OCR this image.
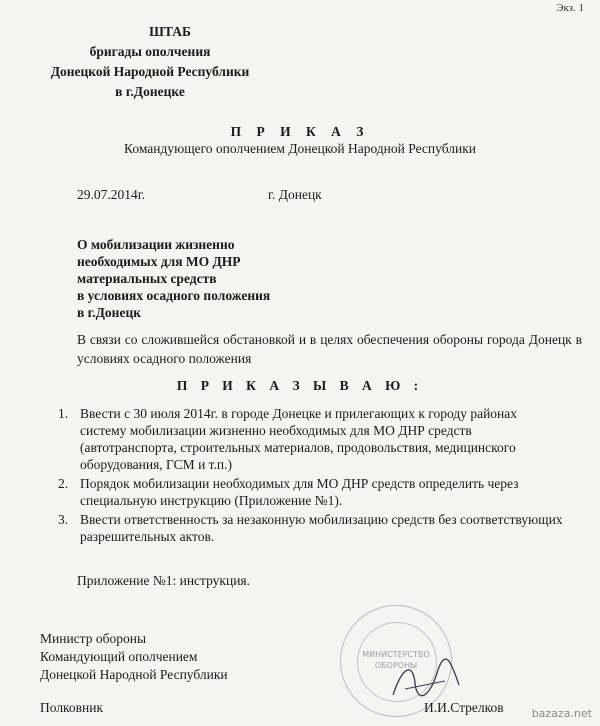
Экз. 1
ШТАБ
бригады ополчения
Донецкой Народной Республики
в г.Донецке
П Р И К А З
Командующего ополчением Донецкой Народной Республики
29.07.2014г.	г. Донецк
О мобилизации жизненно
необходимых для МО ДНР
материальных средств
в условиях осадного положения
в г.Донецк
В связи со сложившейся обстановкой и в целях обеспечения обороны города Донецк в условиях осадного положения
П Р И К А З Ы В А Ю :
1. Ввести с 30 июля 2014г. в городе Донецке и прилегающих к городу районах
систему мобилизации жизненно необходимых для МО ДНР средств
(автотранспорта, строительных материалов, продовольствия, медицинского
оборудования, ГСМ и т.п.)
2. Порядок мобилизации необходимых для МО ДНР средств определить через
специальную инструкцию (Приложение №1).
3. Ввести ответственность за незаконную мобилизацию средств без соответствующих
разрешительных актов.
Приложение №1: инструкция.
МИНИСТЕРСТВО
ОБОРОНЫ
Министр обороны
Командующий ополчением
Донецкой Народной Республики
Полковник	И.И.Стрелков	bazaza.net
